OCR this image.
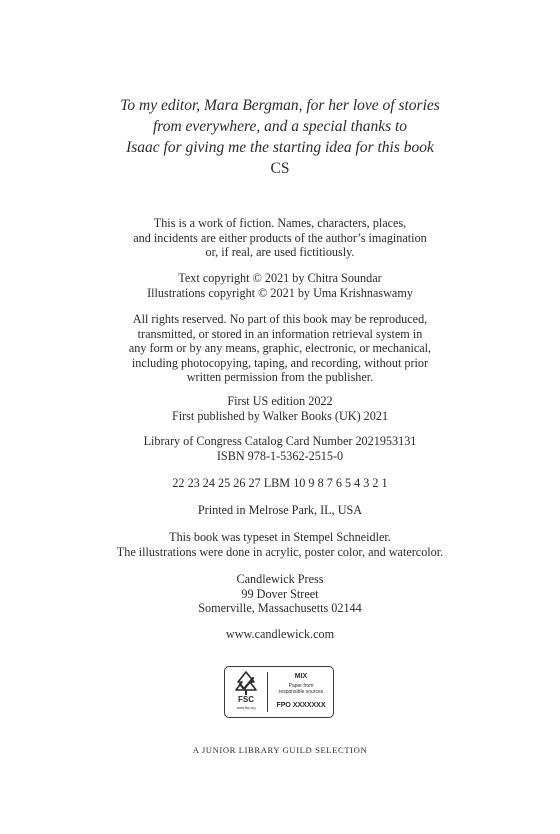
To my editor, Mara Bergman, for her love of stories
from everywhere, and a special thanks to
Isaac for giving me the starting idea for this book
CS
This is a work of fiction. Names, characters, places,
and incidents are either products of the author’s imagination
or, if real, are used fictitiously.
Text copyright © 2021 by Chitra Soundar
Illustrations copyright © 2021 by Uma Krishnaswamy
All rights reserved. No part of this book may be reproduced,
transmitted, or stored in an information retrieval system in
any form or by any means, graphic, electronic, or mechanical,
including photocopying, taping, and recording, without prior
written permission from the publisher.
First US edition 2022
First published by Walker Books (UK) 2021
Library of Congress Catalog Card Number 2021953131
ISBN 978-1-5362-2515-0
22 23 24 25 26 27 LBM 10 9 8 7 6 5 4 3 2 1
Printed in Melrose Park, IL, USA
This book was typeset in Stempel Schneidler.
The illustrations were done in acrylic, poster color, and watercolor.
Candlewick Press
99 Dover Street
Somerville, Massachusetts 02144
www.candlewick.com
FSC
www.fsc.org
MIX
Paper from
responsible sources
FPO XXXXXXX
A JUNIOR LIBRARY GUILD SELECTION
